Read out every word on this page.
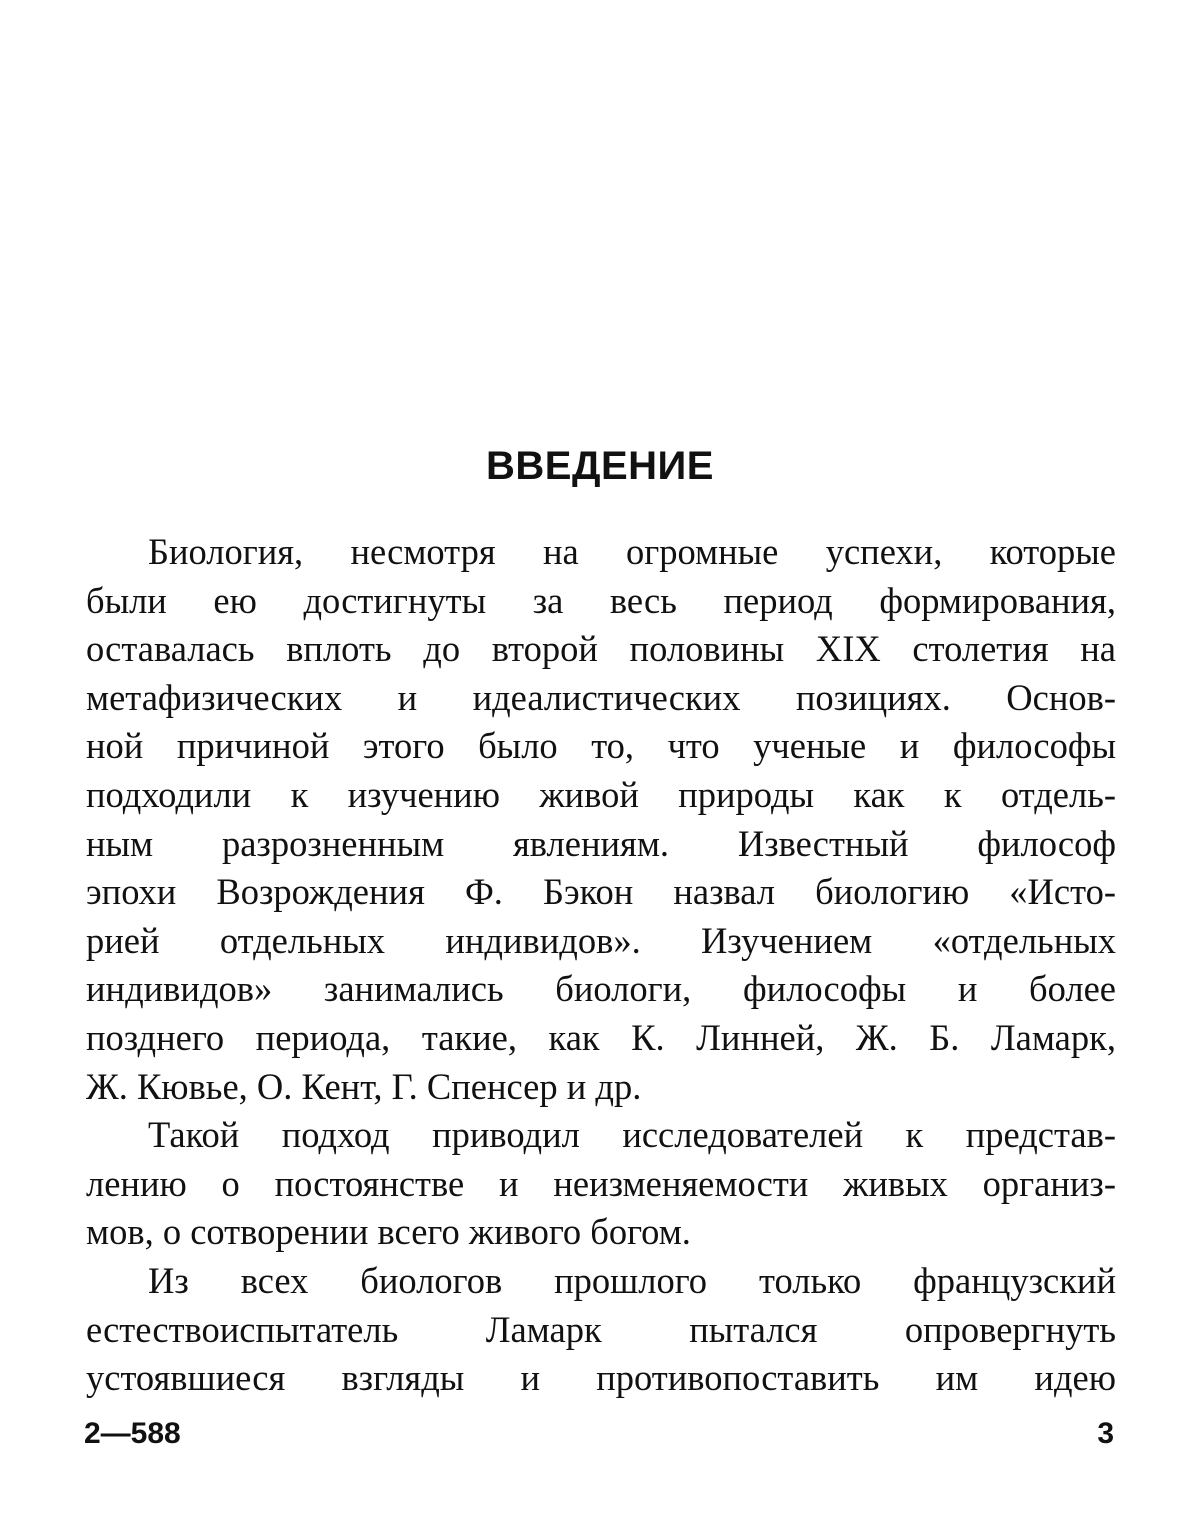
ВВЕДЕНИЕ
Биология, несмотря на огромные успехи, которые
были ею достигнуты за весь период формирования,
оставалась вплоть до второй половины XIX столетия на
метафизических и идеалистических позициях. Основ-
ной причиной этого было то, что ученые и философы
подходили к изучению живой природы как к отдель-
ным разрозненным явлениям. Известный философ
эпохи Возрождения Ф. Бэкон назвал биологию «Исто-
рией отдельных индивидов». Изучением «отдельных
индивидов» занимались биологи, философы и более
позднего периода, такие, как К. Линней, Ж. Б. Ламарк,
Ж. Кювье, О. Кент, Г. Спенсер и др.
Такой подход приводил исследователей к представ-
лению о постоянстве и неизменяемости живых организ-
мов, о сотворении всего живого богом.
Из всех биологов прошлого только французский
естествоиспытатель Ламарк пытался опровергнуть
устоявшиеся взгляды и противопоставить им идею
2—588	3
